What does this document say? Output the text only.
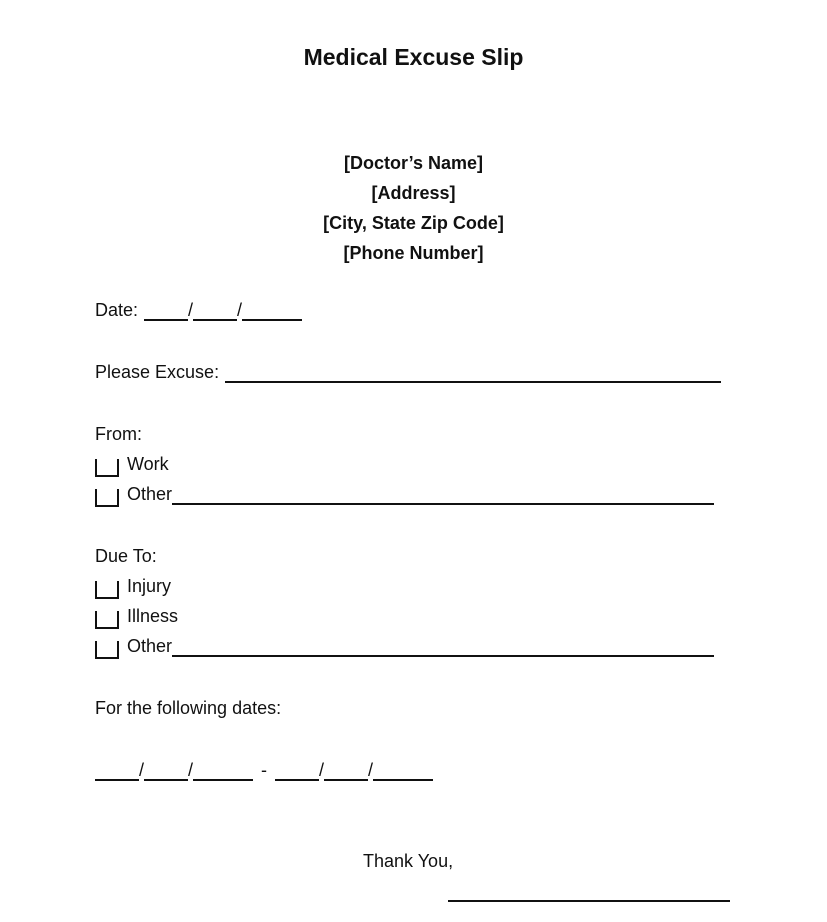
Medical Excuse Slip
[Doctor’s Name]
[Address]
[City, State Zip Code]
[Phone Number]
Date:	/ /
Please Excuse:
From:
Work
Other
Due To:
Injury
Illness
Other
For the following dates:
/ /	-	/ /
Thank You,
